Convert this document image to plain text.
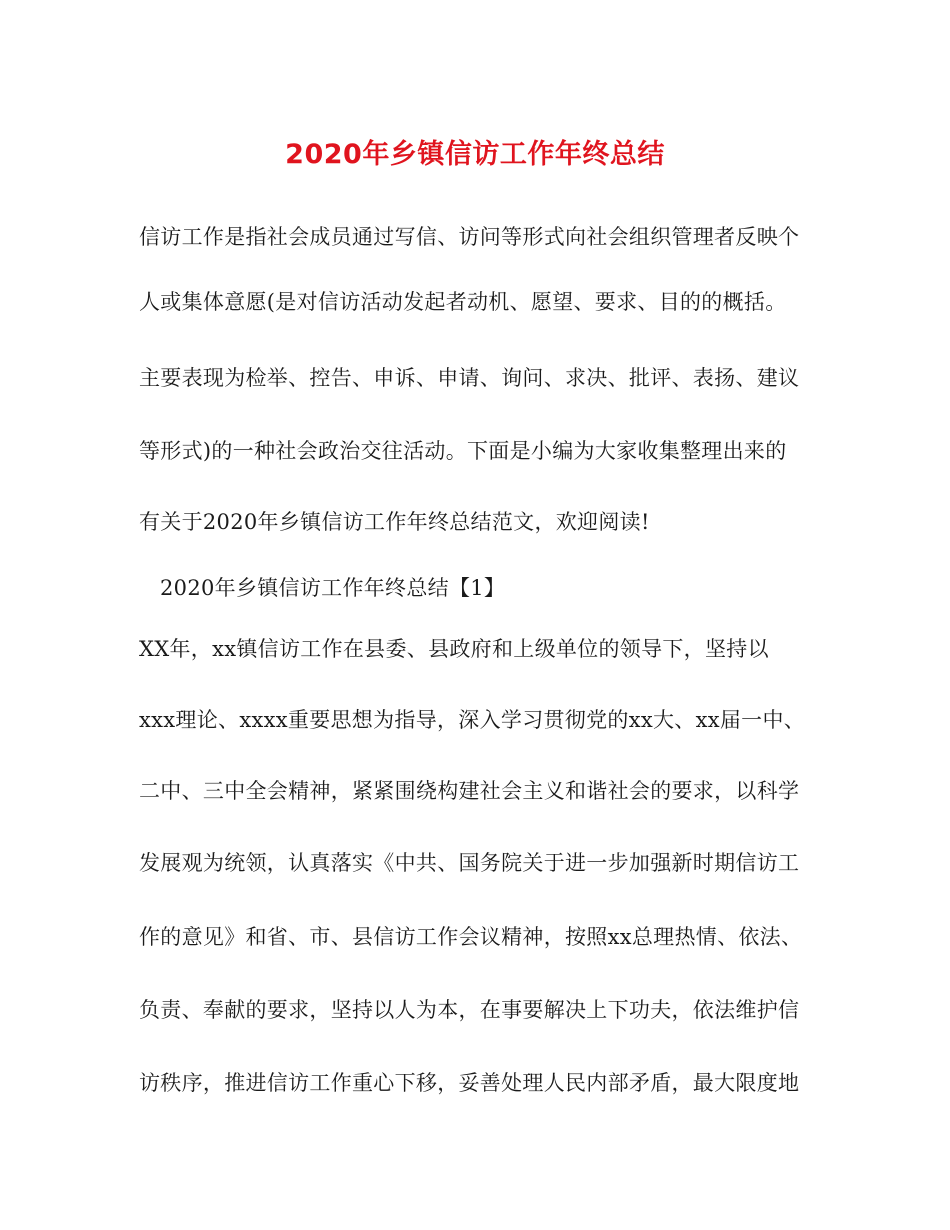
2020年乡镇信访工作年终总结
信访工作是指社会成员通过写信、访问等形式向社会组织管理者反映个
人或集体意愿(是对信访活动发起者动机、愿望、要求、目的的概括。
主要表现为检举、控告、申诉、申请、询问、求决、批评、表扬、建议
等形式)的一种社会政治交往活动。下面是小编为大家收集整理出来的
有关于2020年乡镇信访工作年终总结范文，欢迎阅读!
2020年乡镇信访工作年终总结【1】
XX年，xx镇信访工作在县委、县政府和上级单位的领导下，坚持以
xxx理论、xxxx重要思想为指导，深入学习贯彻党的xx大、xx届一中、
二中、三中全会精神，紧紧围绕构建社会主义和谐社会的要求，以科学
发展观为统领，认真落实《中共、国务院关于进一步加强新时期信访工
作的意见》和省、市、县信访工作会议精神，按照xx总理热情、依法、
负责、奉献的要求，坚持以人为本，在事要解决上下功夫，依法维护信
访秩序，推进信访工作重心下移，妥善处理人民内部矛盾，最大限度地
